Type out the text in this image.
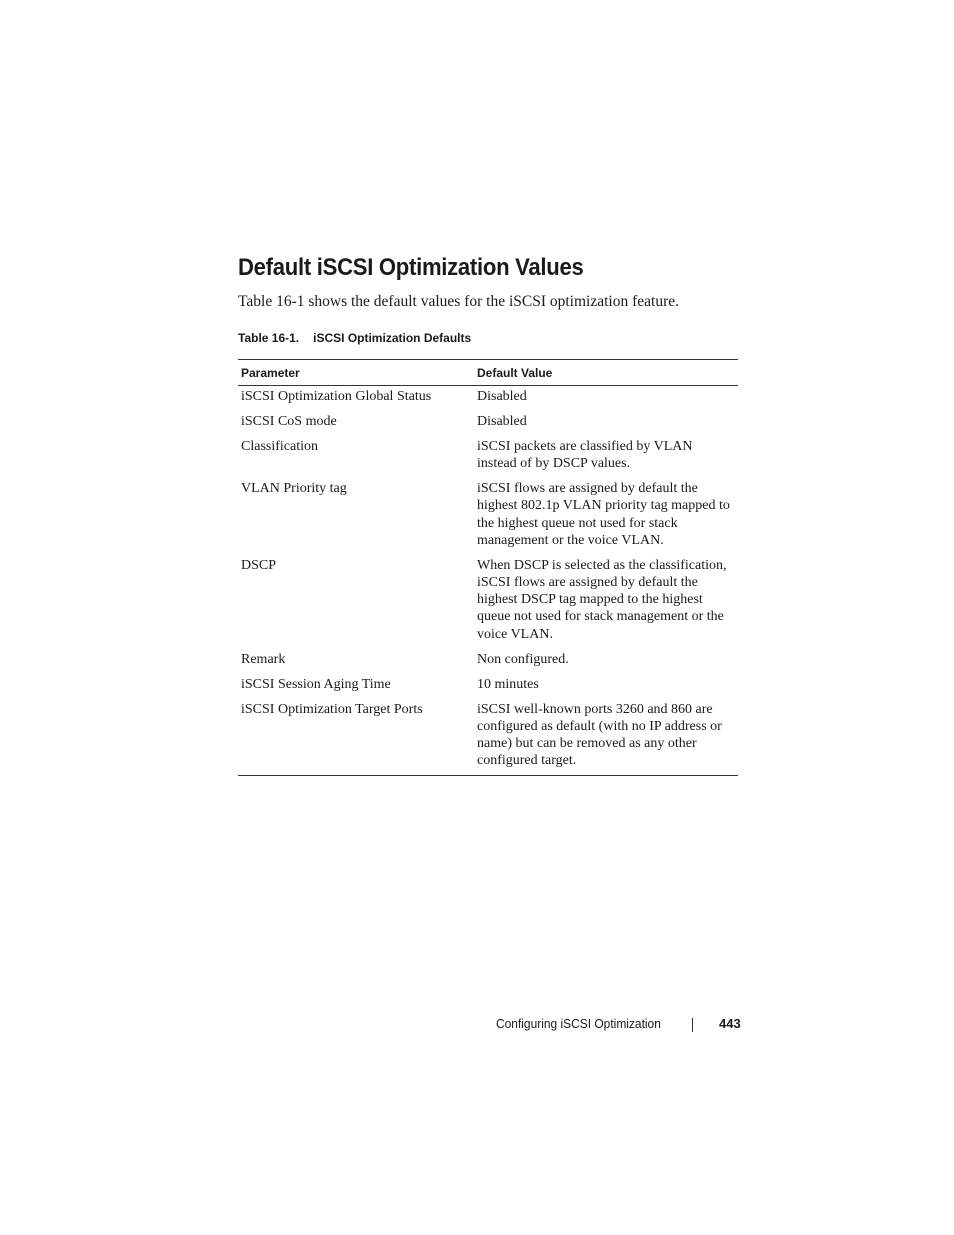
Default iSCSI Optimization Values

Table 16-1 shows the default values for the iSCSI optimization feature.

Table 16-1. iSCSI Optimization Defaults
Parameter	Default Value
iSCSI Optimization Global Status	Disabled
iSCSI CoS mode	Disabled
Classification	iSCSI packets are classified by VLAN instead of by DSCP values.
VLAN Priority tag	iSCSI flows are assigned by default the highest 802.1p VLAN priority tag mapped to the highest queue not used for stack management or the voice VLAN.
DSCP	When DSCP is selected as the classification, iSCSI flows are assigned by default the highest DSCP tag mapped to the highest queue not used for stack management or the voice VLAN.
Remark	Non configured.
iSCSI Session Aging Time	10 minutes
iSCSI Optimization Target Ports	iSCSI well-known ports 3260 and 860 are configured as default (with no IP address or name) but can be removed as any other configured target.
Configuring iSCSI Optimization	443
